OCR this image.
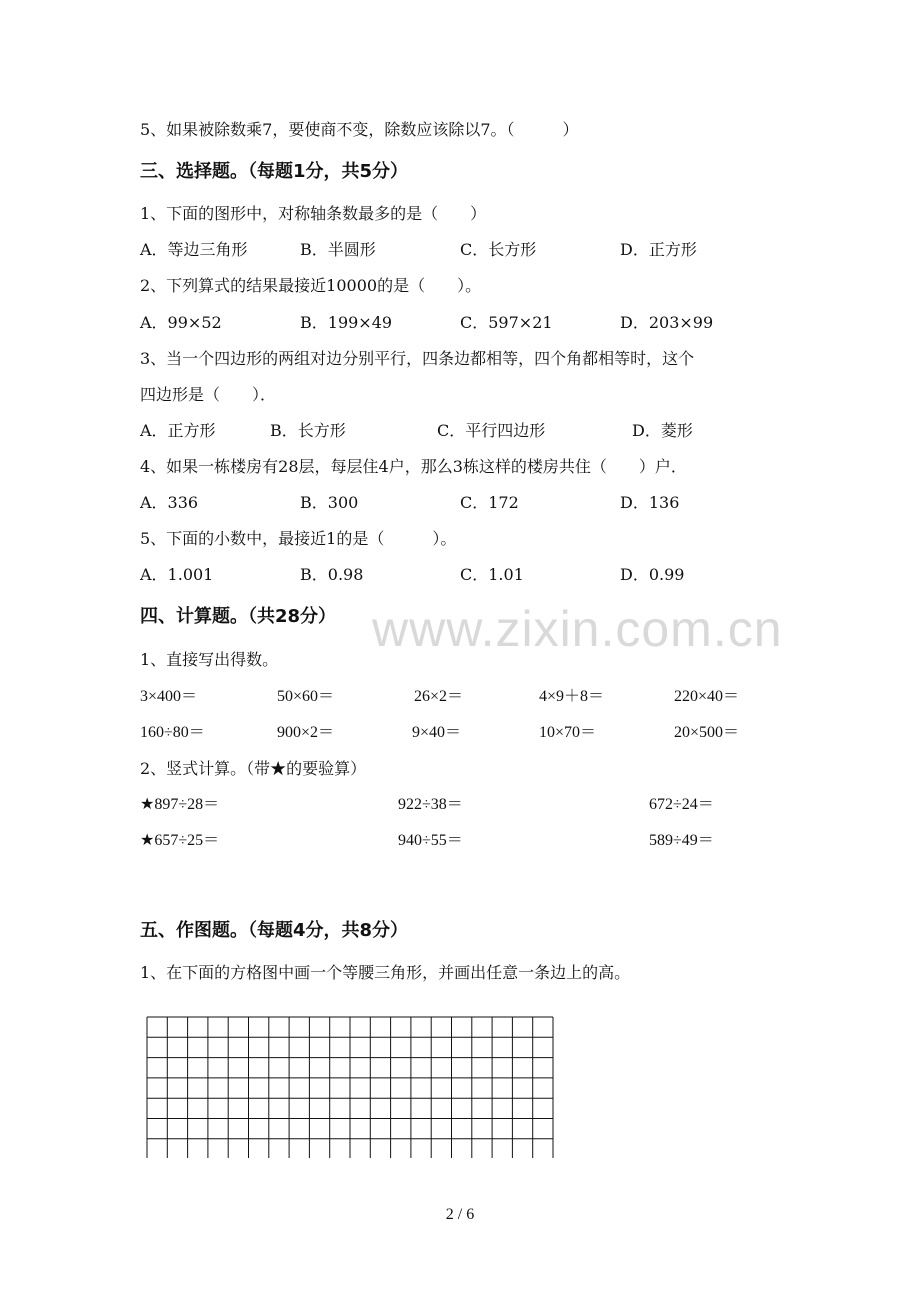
5、如果被除数乘7，要使商不变，除数应该除以7。（　　　）
三、选择题。（每题1分，共5分）
1、下面的图形中，对称轴条数最多的是（　　）
A．等边三角形	B．半圆形	C．长方形	D．正方形
2、下列算式的结果最接近10000的是（　　）。
A．99×52	B．199×49	C．597×21	D．203×99
3、当一个四边形的两组对边分别平行，四条边都相等，四个角都相等时，这个
四边形是（　　）．
A．正方形	B．长方形	C．平行四边形	D．菱形
4、如果一栋楼房有28层，每层住4户，那么3栋这样的楼房共住（　　）户．
A．336	B．300	C．172	D．136
5、下面的小数中，最接近1的是（　　　）。
A．1.001	B．0.98	C．1.01	D．0.99
www.zixin.com.cn
四、计算题。（共28分）
1、直接写出得数。
3×400＝	50×60＝	26×2＝	4×9＋8＝	220×40＝
160÷80＝	900×2＝	9×40＝	10×70＝	20×500＝
2、竖式计算。（带★的要验算）
★897÷28＝	922÷38＝	672÷24＝
★657÷25＝	940÷55＝	589÷49＝
五、作图题。（每题4分，共8分）
1、在下面的方格图中画一个等腰三角形，并画出任意一条边上的高。
2 / 6
